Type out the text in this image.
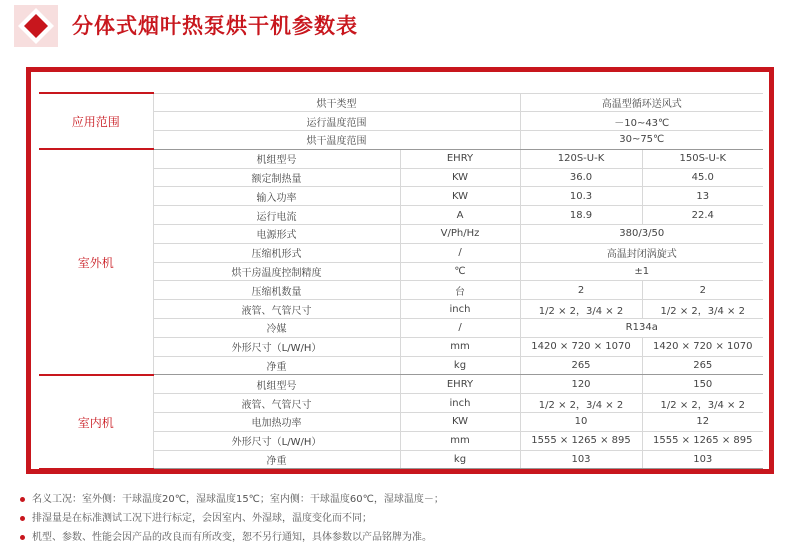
分体式烟叶热泵烘干机参数表
应用范围	烘干类型		高温型循环送风式	
	运行温度范围		－10~43℃	
	烘干温度范围		30~75℃	
室外机	机组型号	EHRY	120S-U-K	150S-U-K
	额定制热量	KW	36.0	45.0
	输入功率	KW	10.3	13
	运行电流	A	18.9	22.4
	电源形式	V/Ph/Hz	380/3/50	
	压缩机形式	/	高温封闭涡旋式	
	烘干房温度控制精度	℃	±1	
	压缩机数量	台	2	2
	液管、气管尺寸	inch	1/2 × 2，3/4 × 2	1/2 × 2，3/4 × 2
	冷媒	/	R134a	
	外形尺寸（L/W/H）	mm	1420 × 720 × 1070	1420 × 720 × 1070
	净重	kg	265	265
室内机	机组型号	EHRY	120	150
	液管、气管尺寸	inch	1/2 × 2，3/4 × 2	1/2 × 2，3/4 × 2
	电加热功率	KW	10	12
	外形尺寸（L/W/H）	mm	1555 × 1265 × 895	1555 × 1265 × 895
	净重	kg	103	103
名义工况：室外侧：干球温度20℃，湿球温度15℃；室内侧：干球温度60℃，湿球温度－；
排湿量是在标准测试工况下进行标定，会因室内、外湿球，温度变化而不同；
机型、参数、性能会因产品的改良而有所改变，恕不另行通知，具体参数以产品铭牌为准。
